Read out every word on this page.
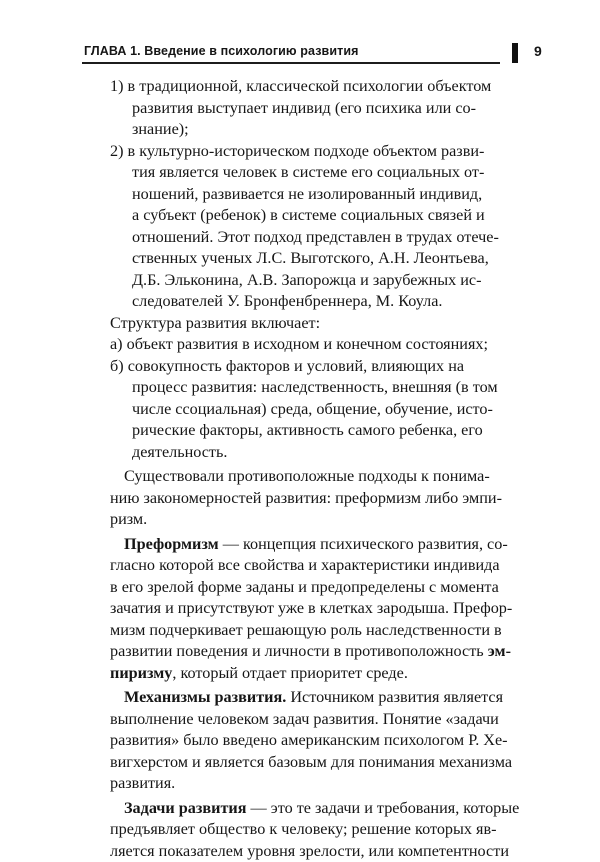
ГЛАВА 1. Введение в психологию развития	9
1) в традиционной, классической психологии объектом
развития выступает индивид (его психика или со-
знание);
2) в культурно-историческом подходе объектом разви-
тия является человек в системе его социальных от-
ношений, развивается не изолированный индивид,
а субъект (ребенок) в системе социальных связей и
отношений. Этот подход представлен в трудах отече-
ственных ученых Л.С. Выготского, А.Н. Леонтьева,
Д.Б. Эльконина, А.В. Запорожца и зарубежных ис-
следователей У. Бронфенбреннера, М. Коула.
Структура развития включает:
а) объект развития в исходном и конечном состояниях;
б) совокупность факторов и условий, влияющих на
процесс развития: наследственность, внешняя (в том
числе ссоциальная) среда, общение, обучение, исто-
рические факторы, активность самого ребенка, его
деятельность.
Существовали противоположные подходы к понима-
нию закономерностей развития: преформизм либо эмпи-
ризм.
Преформизм — концепция психического развития, со-
гласно которой все свойства и характеристики индивида
в его зрелой форме заданы и предопределены с момента
зачатия и присутствуют уже в клетках зародыша. Префор-
мизм подчеркивает решающую роль наследственности в
развитии поведения и личности в противоположность эм-
пиризму, который отдает приоритет среде.
Механизмы развития. Источником развития является
выполнение человеком задач развития. Понятие «задачи
развития» было введено американским психологом Р. Хе-
вигхерстом и является базовым для понимания механизма
развития.
Задачи развития — это те задачи и требования, которые
предъявляет общество к человеку; решение которых яв-
ляется показателем уровня зрелости, или компетентности
